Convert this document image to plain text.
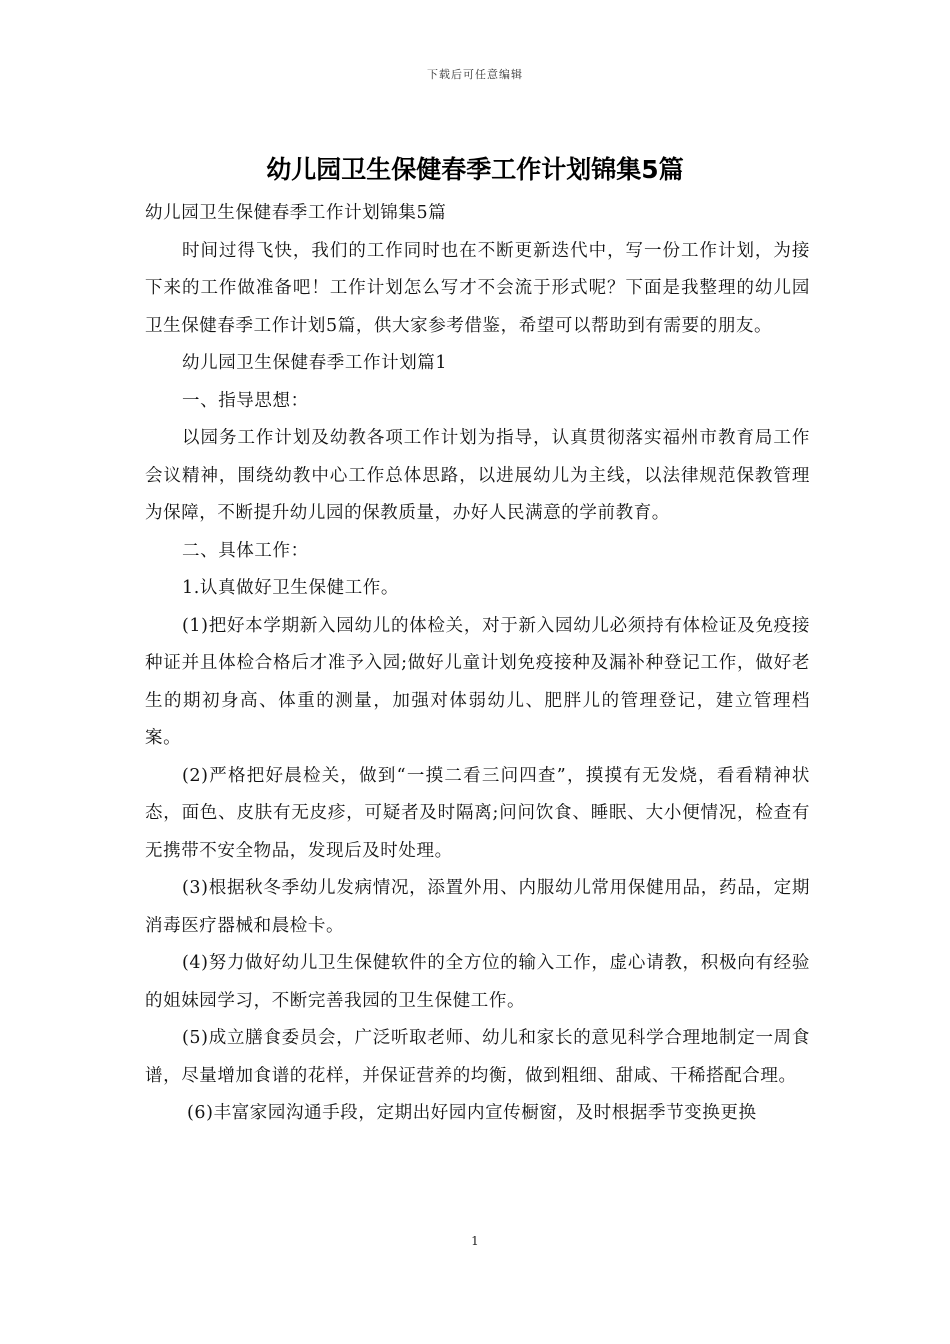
下载后可任意编辑
幼儿园卫生保健春季工作计划锦集5篇

幼儿园卫生保健春季工作计划锦集5篇

时间过得飞快，我们的工作同时也在不断更新迭代中，写一份工作计划，为接下来的工作做准备吧！工作计划怎么写才不会流于形式呢？下面是我整理的幼儿园卫生保健春季工作计划5篇，供大家参考借鉴，希望可以帮助到有需要的朋友。

幼儿园卫生保健春季工作计划篇1

一、指导思想：

以园务工作计划及幼教各项工作计划为指导，认真贯彻落实福州市教育局工作会议精神，围绕幼教中心工作总体思路，以进展幼儿为主线，以法律规范保教管理为保障，不断提升幼儿园的保教质量，办好人民满意的学前教育。

二、具体工作：

1.认真做好卫生保健工作。

(1)把好本学期新入园幼儿的体检关，对于新入园幼儿必须持有体检证及免疫接种证并且体检合格后才准予入园;做好儿童计划免疫接种及漏补种登记工作，做好老生的期初身高、体重的测量，加强对体弱幼儿、肥胖儿的管理登记，建立管理档案。

(2)严格把好晨检关，做到“一摸二看三问四查”，摸摸有无发烧，看看精神状态，面色、皮肤有无皮疹，可疑者及时隔离;问问饮食、睡眠、大小便情况，检查有无携带不安全物品，发现后及时处理。

(3)根据秋冬季幼儿发病情况，添置外用、内服幼儿常用保健用品，药品，定期消毒医疗器械和晨检卡。

(4)努力做好幼儿卫生保健软件的全方位的输入工作，虚心请教，积极向有经验的姐妹园学习，不断完善我园的卫生保健工作。

(5)成立膳食委员会，广泛听取老师、幼儿和家长的意见科学合理地制定一周食谱，尽量增加食谱的花样，并保证营养的均衡，做到粗细、甜咸、干稀搭配合理。

(6)丰富家园沟通手段，定期出好园内宣传橱窗，及时根据季节变换更换

1
